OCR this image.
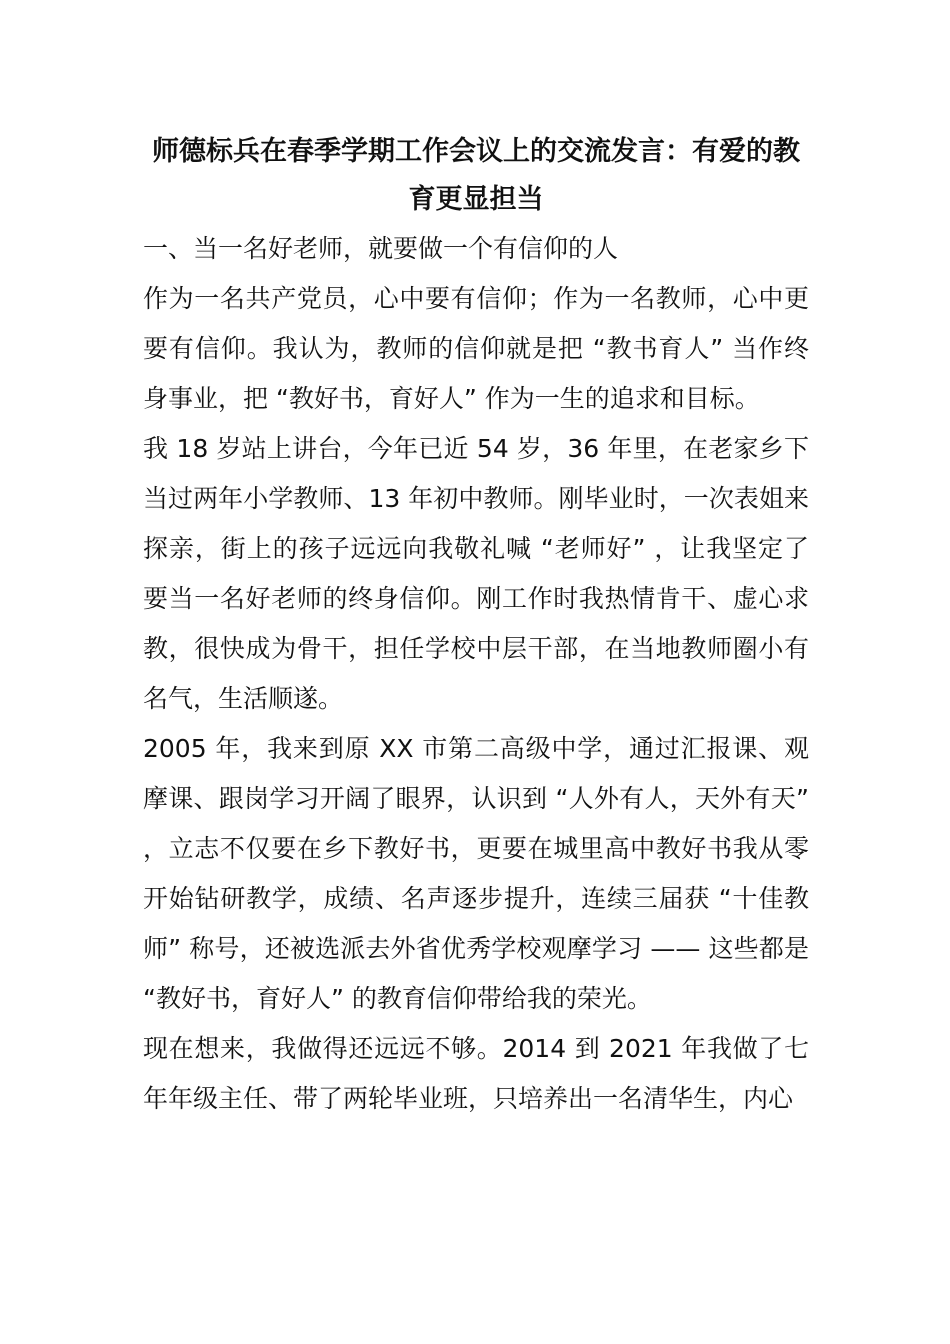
师德标兵在春季学期工作会议上的交流发言：有爱的教育更显担当

一、当一名好老师，就要做一个有信仰的人

作为一名共产党员，心中要有信仰；作为一名教师，心中更要有信仰。我认为，教师的信仰就是把 “教书育人” 当作终身事业，把 “教好书，育好人” 作为一生的追求和目标。

我 18 岁站上讲台，今年已近 54 岁，36 年里，在老家乡下当过两年小学教师、13 年初中教师。刚毕业时，一次表姐来探亲，街上的孩子远远向我敬礼喊 “老师好” ，让我坚定了要当一名好老师的终身信仰。刚工作时我热情肯干、虚心求教，很快成为骨干，担任学校中层干部，在当地教师圈小有名气，生活顺遂。

2005 年，我来到原 XX 市第二高级中学，通过汇报课、观摩课、跟岗学习开阔了眼界，认识到 “人外有人，天外有天” ，立志不仅要在乡下教好书，更要在城里高中教好书我从零开始钻研教学，成绩、名声逐步提升，连续三届获 “十佳教师” 称号，还被选派去外省优秀学校观摩学习 —— 这些都是 “教好书，育好人” 的教育信仰带给我的荣光。

现在想来，我做得还远远不够。2014 到 2021 年我做了七年年级主任、带了两轮毕业班，只培养出一名清华生，内心
